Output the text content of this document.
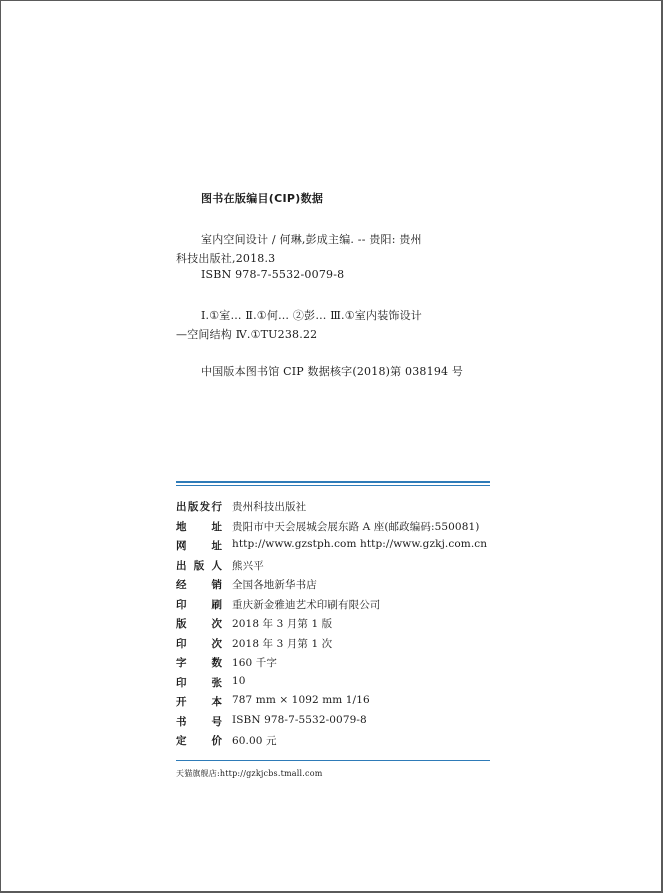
图书在版编目(CIP)数据
室内空间设计 / 何琳,彭成主编. -- 贵阳: 贵州
科技出版社,2018.3
ISBN 978-7-5532-0079-8
Ⅰ.①室… Ⅱ.①何… ②彭… Ⅲ.①室内装饰设计
—空间结构 Ⅳ.①TU238.22
中国版本图书馆 CIP 数据核字(2018)第 038194 号
出版发行 贵州科技出版社
地址 贵阳市中天会展城会展东路 A 座(邮政编码:550081)
网址 http://www.gzstph.com http://www.gzkj.com.cn
出版人 熊兴平
经销 全国各地新华书店
印刷 重庆新金雅迪艺术印刷有限公司
版次 2018 年 3 月第 1 版
印次 2018 年 3 月第 1 次
字数 160 千字
印张 10
开本 787 mm × 1092 mm 1/16
书号 ISBN 978-7-5532-0079-8
定价 60.00 元
天猫旗舰店:http://gzkjcbs.tmall.com
